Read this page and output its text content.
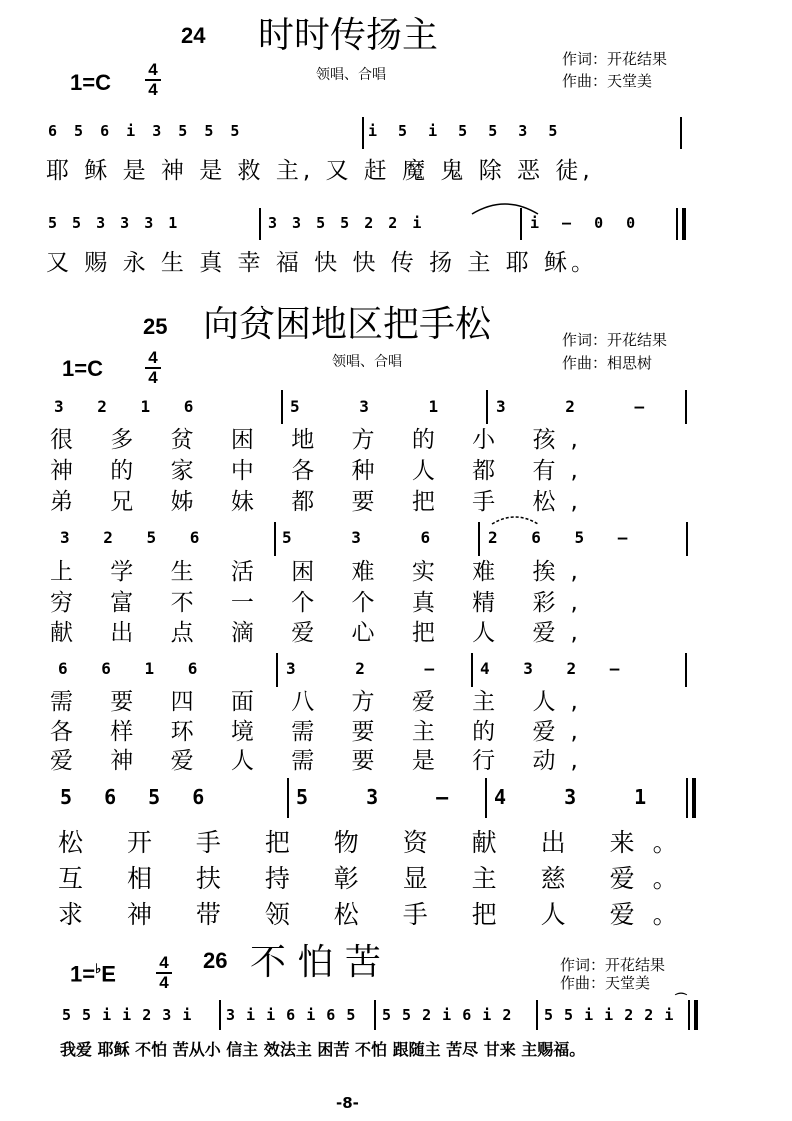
24 时时传扬主
领唱、合唱
作词：开花结果
作曲：天堂美
1=C
4
4
6 5 6 i 3 5 5 5	i 5 i 5 5 3 5
耶 稣 是 神 是 救 主, 又 赶 魔 鬼 除 恶 徒,
5 5 3 3 3 1	3 3 5 5 2 2 i	i – 0 0
又 赐 永 生 真 幸 福 快 快 传 扬 主 耶 稣。
25 向贫困地区把手松
领唱、合唱
作词：开花结果
作曲：相思树
1=C	4
4
3 2 1 6	5 3 1	3 2 –
很 多 贫 困 地 方 的 小 孩,
神 的 家 中 各 种 人 都 有,
弟 兄 姊 妹 都 要 把 手 松,
3 2 5 6	5 3 6	2 6 5 –
上 学 生 活 困 难 实 难 挨,
穷 富 不 一 个 个 真 精 彩,
献 出 点 滴 爱 心 把 人 爱,
6 6 1 6	3 2 –	4 3 2 –
需 要 四 面 八 方 爱 主 人,
各 样 环 境 需 要 主 的 爱,
爱 神 爱 人 需 要 是 行 动,
5 6 5 6	5 3 – 4 3 1
松 开 手 把 物 资 献 出 来。
互 相 扶 持 彰 显 主 慈 爱。
求 神 带 领 松 手 把 人 爱。
1=♭E	4
4
26 不 怕 苦	作词：开花结果
作曲：天堂美
5 5 i i 2 3 i 3 i i 6 i 6 5 5 5 2 i 6 i 2 5 5 i i 2 2 i
⌒
我爱 耶稣 不怕 苦从小 信主 效法主 困苦 不怕 跟随主 苦尽 甘来 主赐福。
-8-
